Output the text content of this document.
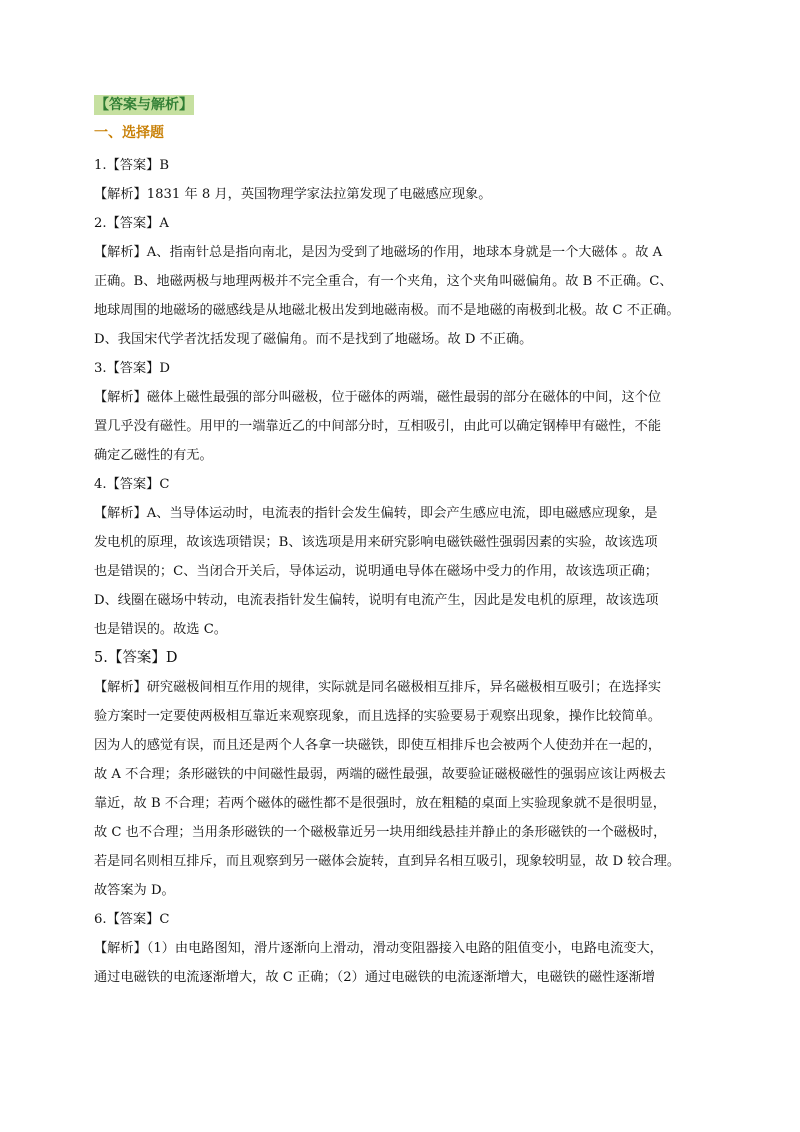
【答案与解析】
一、选择题
1.【答案】B
【解析】1831 年 8 月，英国物理学家法拉第发现了电磁感应现象。
2.【答案】A
【解析】A、指南针总是指向南北，是因为受到了地磁场的作用，地球本身就是一个大磁体 。故 A
正确。B、地磁两极与地理两极并不完全重合，有一个夹角，这个夹角叫磁偏角。故 B 不正确。C、
地球周围的地磁场的磁感线是从地磁北极出发到地磁南极。而不是地磁的南极到北极。故 C 不正确。
D、我国宋代学者沈括发现了磁偏角。而不是找到了地磁场。故 D 不正确。
3.【答案】D
【解析】磁体上磁性最强的部分叫磁极，位于磁体的两端，磁性最弱的部分在磁体的中间，这个位
置几乎没有磁性。用甲的一端靠近乙的中间部分时，互相吸引，由此可以确定钢棒甲有磁性，不能
确定乙磁性的有无。
4.【答案】C
【解析】A、当导体运动时，电流表的指针会发生偏转，即会产生感应电流，即电磁感应现象，是
发电机的原理，故该选项错误；B、该选项是用来研究影响电磁铁磁性强弱因素的实验，故该选项
也是错误的；C、当闭合开关后，导体运动，说明通电导体在磁场中受力的作用，故该选项正确；
D、线圈在磁场中转动，电流表指针发生偏转，说明有电流产生，因此是发电机的原理，故该选项
也是错误的。故选 C。
5.【答案】D
【解析】研究磁极间相互作用的规律，实际就是同名磁极相互排斥，异名磁极相互吸引；在选择实
验方案时一定要使两极相互靠近来观察现象，而且选择的实验要易于观察出现象，操作比较简单。
因为人的感觉有误，而且还是两个人各拿一块磁铁，即使互相排斥也会被两个人使劲并在一起的，
故 A 不合理；条形磁铁的中间磁性最弱，两端的磁性最强，故要验证磁极磁性的强弱应该让两极去
靠近，故 B 不合理；若两个磁体的磁性都不是很强时，放在粗糙的桌面上实验现象就不是很明显，
故 C 也不合理；当用条形磁铁的一个磁极靠近另一块用细线悬挂并静止的条形磁铁的一个磁极时，
若是同名则相互排斥，而且观察到另一磁体会旋转，直到异名相互吸引，现象较明显，故 D 较合理。
故答案为 D。
6.【答案】C
【解析】（1）由电路图知，滑片逐渐向上滑动，滑动变阻器接入电路的阻值变小，电路电流变大，
通过电磁铁的电流逐渐增大，故 C 正确；（2）通过电磁铁的电流逐渐增大，电磁铁的磁性逐渐增
